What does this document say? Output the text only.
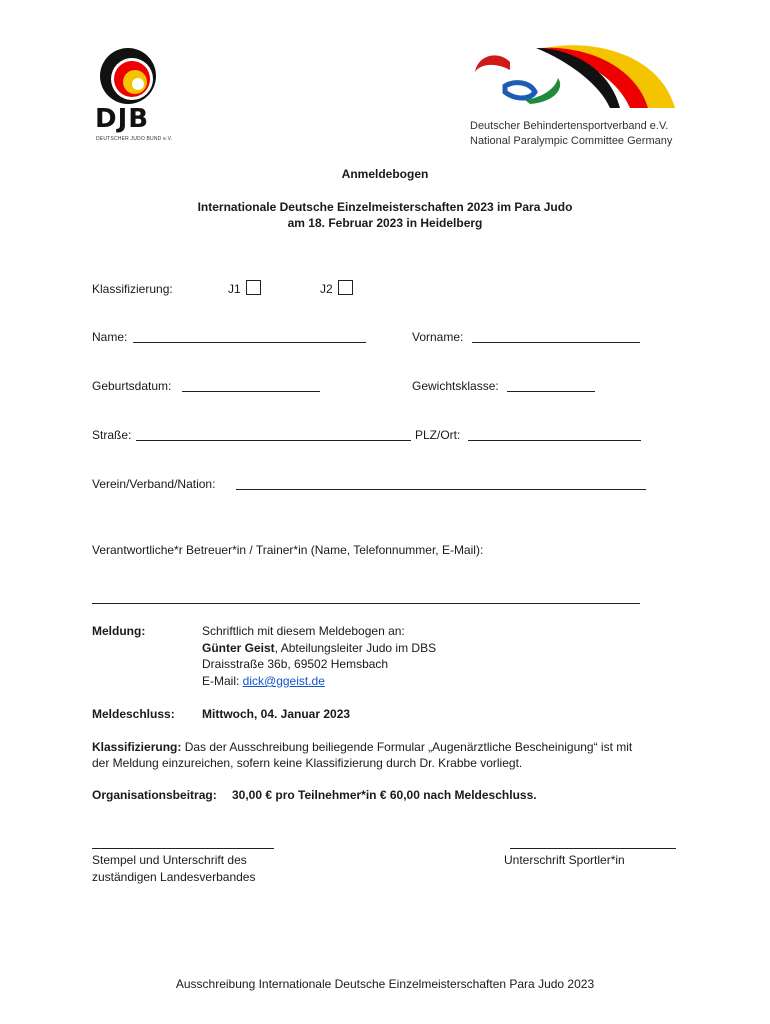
DJB
DEUTSCHER JUDO BUND e.V.
Deutscher Behindertensportverband e.V.
National Paralympic Committee Germany
Anmeldebogen
Internationale Deutsche Einzelmeisterschaften 2023 im Para Judo
am 18. Februar 2023 in Heidelberg
Klassifizierung:	J1	J2
Name:	Vorname:
Geburtsdatum:	Gewichtsklasse:
Straße:	PLZ/Ort:
Verein/Verband/Nation:
Verantwortliche*r Betreuer*in / Trainer*in (Name, Telefonnummer, E-Mail):
Meldung:	Schriftlich mit diesem Meldebogen an:
Günter Geist, Abteilungsleiter Judo im DBS
Draisstraße 36b, 69502 Hemsbach
E-Mail: dick@ggeist.de
Meldeschluss: Mittwoch, 04. Januar 2023
Klassifizierung: Das der Ausschreibung beiliegende Formular „Augenärztliche Bescheinigung“ ist mit
der Meldung einzureichen, sofern keine Klassifizierung durch Dr. Krabbe vorliegt.
Organisationsbeitrag: 30,00 € pro Teilnehmer*in € 60,00 nach Meldeschluss.
Stempel und Unterschrift des
zuständigen Landesverbandes
Unterschrift Sportler*in
Ausschreibung Internationale Deutsche Einzelmeisterschaften Para Judo 2023
